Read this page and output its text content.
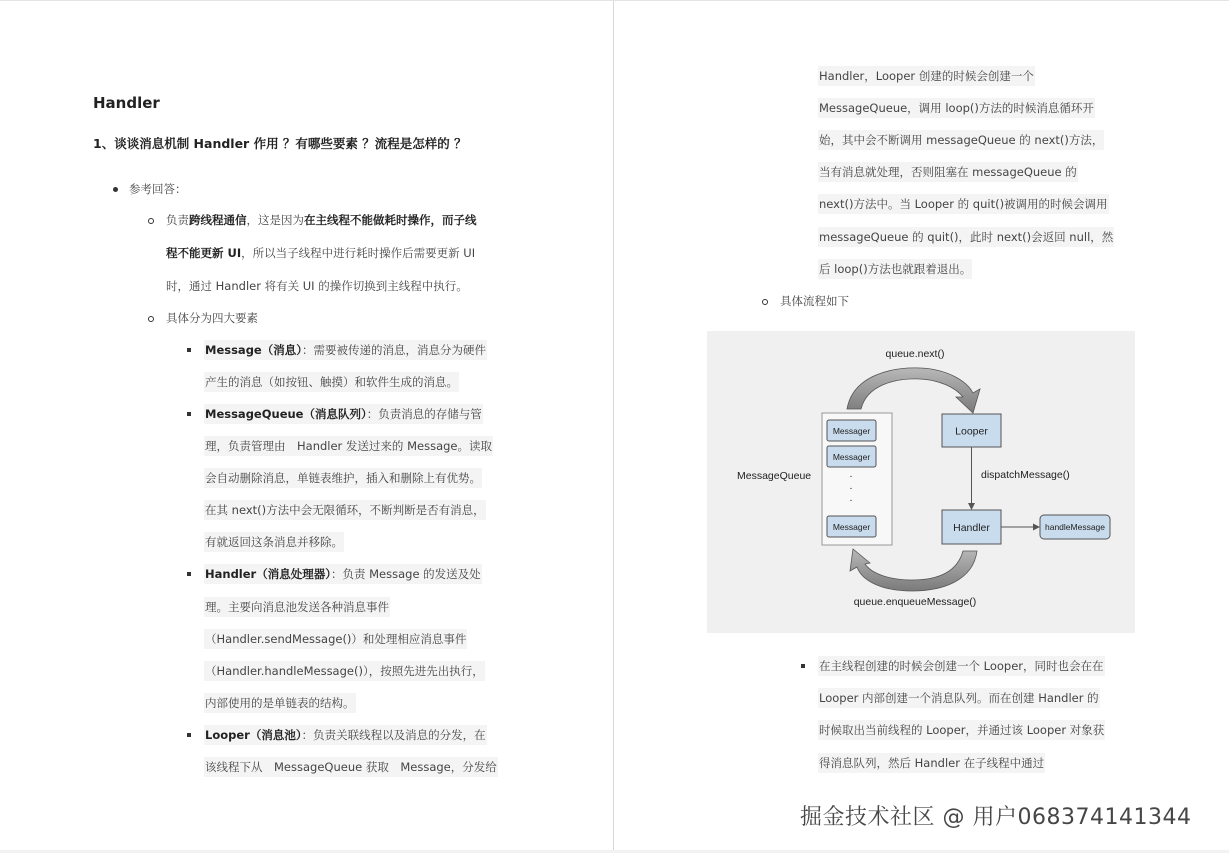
Handler
1、谈谈消息机制 Handler 作用 ？有哪些要素 ？流程是怎样的 ？
参考回答：
负责跨线程通信，这是因为在主线程不能做耗时操作，而子线
程不能更新 UI，所以当子线程中进行耗时操作后需要更新 UI
时，通过 Handler 将有关 UI 的操作切换到主线程中执行。
具体分为四大要素
Message（消息）：需要被传递的消息，消息分为硬件
产生的消息（如按钮、触摸）和软件生成的消息。
MessageQueue（消息队列）：负责消息的存储与管
理，负责管理由　Handler 发送过来的 Message。读取
会自动删除消息，单链表维护，插入和删除上有优势。
在其 next()方法中会无限循环，不断判断是否有消息，
有就返回这条消息并移除。
Handler（消息处理器）：负责 Message 的发送及处
理。主要向消息池发送各种消息事件
（Handler.sendMessage()）和处理相应消息事件
（Handler.handleMessage()），按照先进先出执行，
内部使用的是单链表的结构。
Looper（消息池）：负责关联线程以及消息的分发，在
该线程下从　MessageQueue 获取　Message，分发给
Handler，Looper 创建的时候会创建一个
MessageQueue，调用 loop()方法的时候消息循环开
始，其中会不断调用 messageQueue 的 next()方法，
当有消息就处理，否则阻塞在 messageQueue 的
next()方法中。当 Looper 的 quit()被调用的时候会调用
messageQueue 的 quit()，此时 next()会返回 null，然
后 loop()方法也就跟着退出。
具体流程如下
queue.next()
queue.enqueueMessage()
MessageQueue
Messager
Messager
·
·
·
Messager
Looper
dispatchMessage()
Handler	handleMessage
在主线程创建的时候会创建一个 Looper，同时也会在在
Looper 内部创建一个消息队列。而在创建 Handler 的
时候取出当前线程的 Looper，并通过该 Looper 对象获
得消息队列，然后 Handler 在子线程中通过
掘金技术社区 @ 用户068374141344
